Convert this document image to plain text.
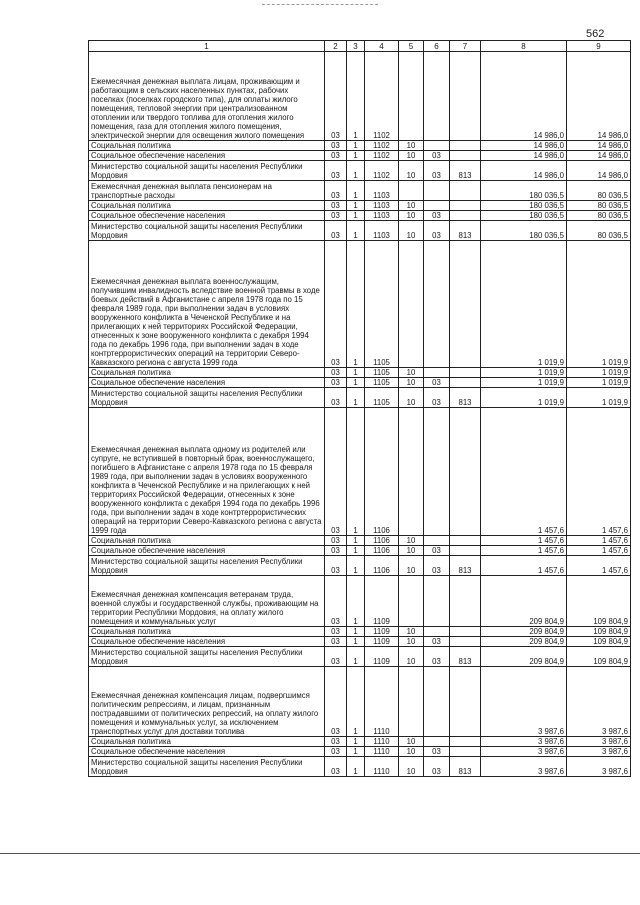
562
1	2	3	4	5	6	7	8	9
Ежемесячная денежная выплата лицам, проживающим и работающим в сельских населенных пунктах, рабочих поселках (поселках городского типа), для оплаты жилого помещения, тепловой энергии при централизованном отоплении или твердого топлива для отопления жилого помещения, газа для отопления жилого помещения, электрической энергии для освещения жилого помещения	03	1	1102				14 986,0	14 986,0
Социальная политика	03	1	1102	10			14 986,0	14 986,0
Социальное обеспечение населения	03	1	1102	10	03		14 986,0	14 986,0
Министерство социальной защиты населения Республики Мордовия	03	1	1102	10	03	813	14 986,0	14 986,0
Ежемесячная денежная выплата пенсионерам на транспортные расходы	03	1	1103				180 036,5	80 036,5
Социальная политика	03	1	1103	10			180 036,5	80 036,5
Социальное обеспечение населения	03	1	1103	10	03		180 036,5	80 036,5
Министерство социальной защиты населения Республики Мордовия	03	1	1103	10	03	813	180 036,5	80 036,5
Ежемесячная денежная выплата военнослужащим, получившим инвалидность вследствие военной травмы в ходе боевых действий в Афганистане с апреля 1978 года по 15 февраля 1989 года, при выполнении задач в условиях вооруженного конфликта в Чеченской Республике и на прилегающих к ней территориях Российской Федерации, отнесенных к зоне вооруженного конфликта с декабря 1994 года по декабрь 1996 года, при выполнении задач в ходе контртеррористических операций на территории Северо-Кавказского региона с августа 1999 года	03	1	1105				1 019,9	1 019,9
Социальная политика	03	1	1105	10			1 019,9	1 019,9
Социальное обеспечение населения	03	1	1105	10	03		1 019,9	1 019,9
Министерство социальной защиты населения Республики Мордовия	03	1	1105	10	03	813	1 019,9	1 019,9
Ежемесячная денежная выплата одному из родителей или супруге, не вступившей в повторный брак, военнослужащего, погибшего в Афганистане с апреля 1978 года по 15 февраля 1989 года, при выполнении задач в условиях вооруженного конфликта в Чеченской Республике и на прилегающих к ней территориях Российской Федерации, отнесенных к зоне вооруженного конфликта с декабря 1994 года по декабрь 1996 года, при выполнении задач в ходе контртеррористических операций на территории Северо-Кавказского региона с августа 1999 года	03	1	1106				1 457,6	1 457,6
Социальная политика	03	1	1106	10			1 457,6	1 457,6
Социальное обеспечение населения	03	1	1106	10	03		1 457,6	1 457,6
Министерство социальной защиты населения Республики Мордовия	03	1	1106	10	03	813	1 457,6	1 457,6
Ежемесячная денежная компенсация ветеранам труда, военной службы и государственной службы, проживающим на территории Республики Мордовия, на оплату жилого помещения и коммунальных услуг	03	1	1109				209 804,9	109 804,9
Социальная политика	03	1	1109	10			209 804,9	109 804,9
Социальное обеспечение населения	03	1	1109	10	03		209 804,9	109 804,9
Министерство социальной защиты населения Республики Мордовия	03	1	1109	10	03	813	209 804,9	109 804,9
Ежемесячная денежная компенсация лицам, подвергшимся политическим репрессиям, и лицам, признанным пострадавшими от политических репрессий, на оплату жилого помещения и коммунальных услуг, за исключением транспортных услуг для доставки топлива	03	1	1110				3 987,6	3 987,6
Социальная политика	03	1	1110	10			3 987,6	3 987,6
Социальное обеспечение населения	03	1	1110	10	03		3 987,6	3 987,6
Министерство социальной защиты населения Республики Мордовия	03	1	1110	10	03	813	3 987,6	3 987,6
